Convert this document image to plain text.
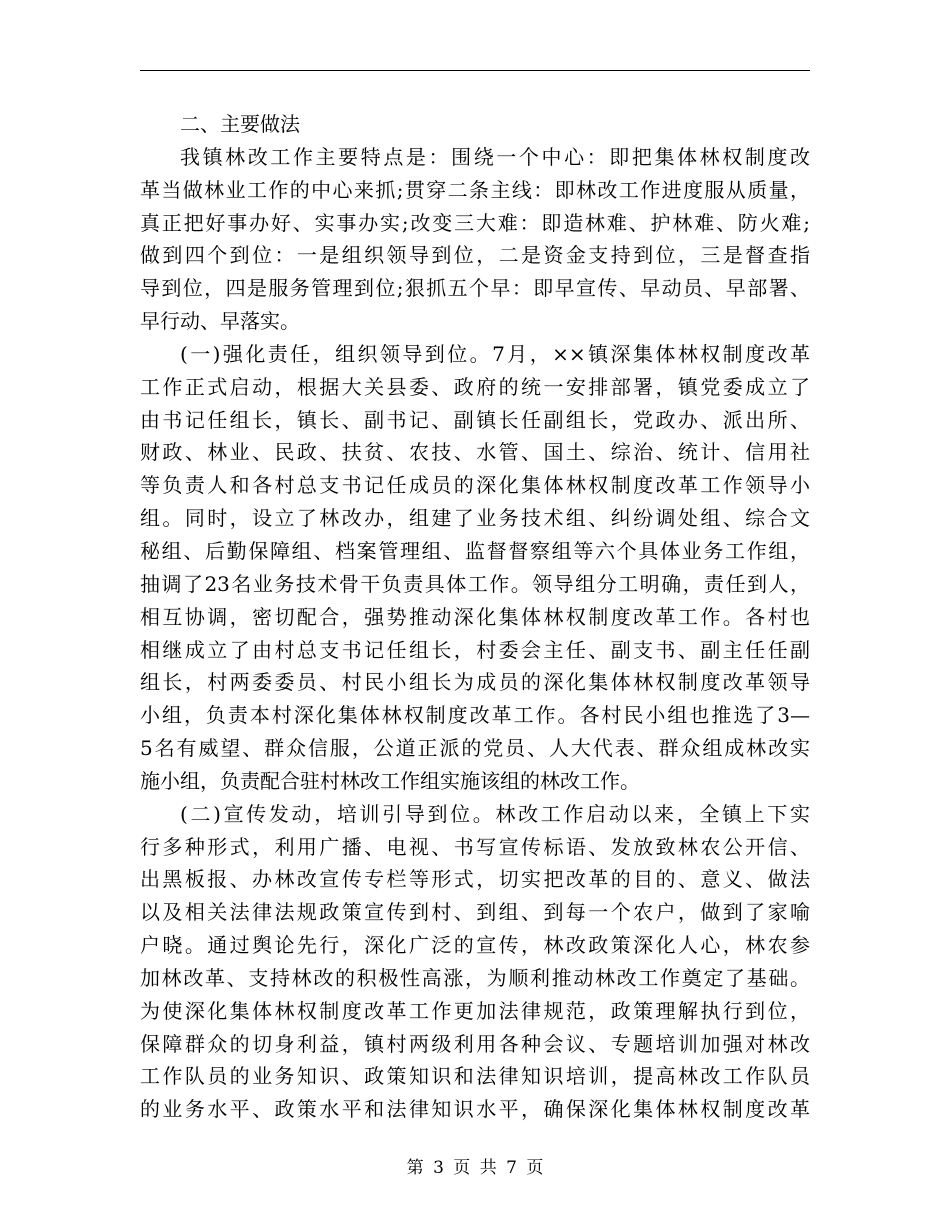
二、主要做法
我镇林改工作主要特点是：围绕一个中心：即把集体林权制度改
革当做林业工作的中心来抓;贯穿二条主线：即林改工作进度服从质量，
真正把好事办好、实事办实;改变三大难：即造林难、护林难、防火难;
做到四个到位：一是组织领导到位，二是资金支持到位，三是督查指
导到位，四是服务管理到位;狠抓五个早：即早宣传、早动员、早部署、
早行动、早落实。
(一)强化责任，组织领导到位。7月，××镇深集体林权制度改革
工作正式启动，根据大关县委、政府的统一安排部署，镇党委成立了
由书记任组长，镇长、副书记、副镇长任副组长，党政办、派出所、
财政、林业、民政、扶贫、农技、水管、国土、综治、统计、信用社
等负责人和各村总支书记任成员的深化集体林权制度改革工作领导小
组。同时，设立了林改办，组建了业务技术组、纠纷调处组、综合文
秘组、后勤保障组、档案管理组、监督督察组等六个具体业务工作组，
抽调了23名业务技术骨干负责具体工作。领导组分工明确，责任到人，
相互协调，密切配合，强势推动深化集体林权制度改革工作。各村也
相继成立了由村总支书记任组长，村委会主任、副支书、副主任任副
组长，村两委委员、村民小组长为成员的深化集体林权制度改革领导
小组，负责本村深化集体林权制度改革工作。各村民小组也推选了3—
5名有威望、群众信服，公道正派的党员、人大代表、群众组成林改实
施小组，负责配合驻村林改工作组实施该组的林改工作。
(二)宣传发动，培训引导到位。林改工作启动以来，全镇上下实
行多种形式，利用广播、电视、书写宣传标语、发放致林农公开信、
出黑板报、办林改宣传专栏等形式，切实把改革的目的、意义、做法
以及相关法律法规政策宣传到村、到组、到每一个农户，做到了家喻
户晓。通过舆论先行，深化广泛的宣传，林改政策深化人心，林农参
加林改革、支持林改的积极性高涨，为顺利推动林改工作奠定了基础。
为使深化集体林权制度改革工作更加法律规范，政策理解执行到位，
保障群众的切身利益，镇村两级利用各种会议、专题培训加强对林改
工作队员的业务知识、政策知识和法律知识培训，提高林改工作队员
的业务水平、政策水平和法律知识水平，确保深化集体林权制度改革
第 3 页 共 7 页
